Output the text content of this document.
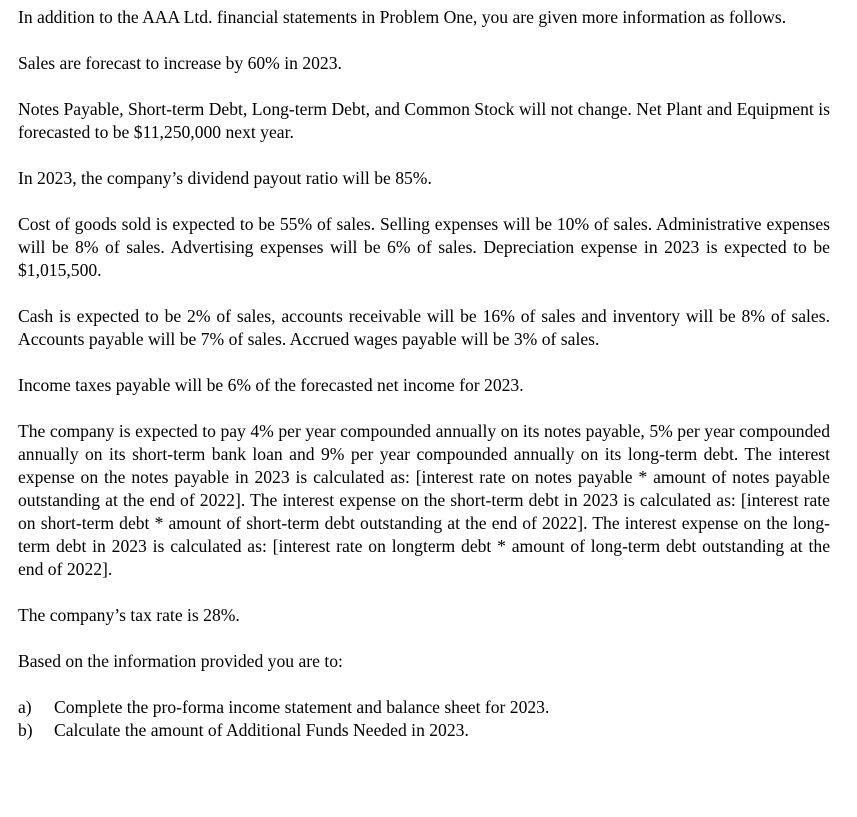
In addition to the AAA Ltd. financial statements in Problem One, you are given more information as follows.

Sales are forecast to increase by 60% in 2023.

Notes Payable, Short-term Debt, Long-term Debt, and Common Stock will not change. Net Plant and Equipment is forecasted to be $11,250,000 next year.

In 2023, the company’s dividend payout ratio will be 85%.

Cost of goods sold is expected to be 55% of sales. Selling expenses will be 10% of sales. Administrative expenses will be 8% of sales. Advertising expenses will be 6% of sales. Depreciation expense in 2023 is expected to be $1,015,500.

Cash is expected to be 2% of sales, accounts receivable will be 16% of sales and inventory will be 8% of sales. Accounts payable will be 7% of sales. Accrued wages payable will be 3% of sales.

Income taxes payable will be 6% of the forecasted net income for 2023.

The company is expected to pay 4% per year compounded annually on its notes payable, 5% per year compounded annually on its short-term bank loan and 9% per year compounded annually on its long-term debt. The interest expense on the notes payable in 2023 is calculated as: [interest rate on notes payable * amount of notes payable outstanding at the end of 2022]. The interest expense on the short-term debt in 2023 is calculated as: [interest rate on short-term debt * amount of short-term debt outstanding at the end of 2022]. The interest expense on the long-term debt in 2023 is calculated as: [interest rate on longterm debt * amount of long-term debt outstanding at the end of 2022].

The company’s tax rate is 28%.

Based on the information provided you are to:

a)	Complete the pro-forma income statement and balance sheet for 2023.
b)	Calculate the amount of Additional Funds Needed in 2023.
